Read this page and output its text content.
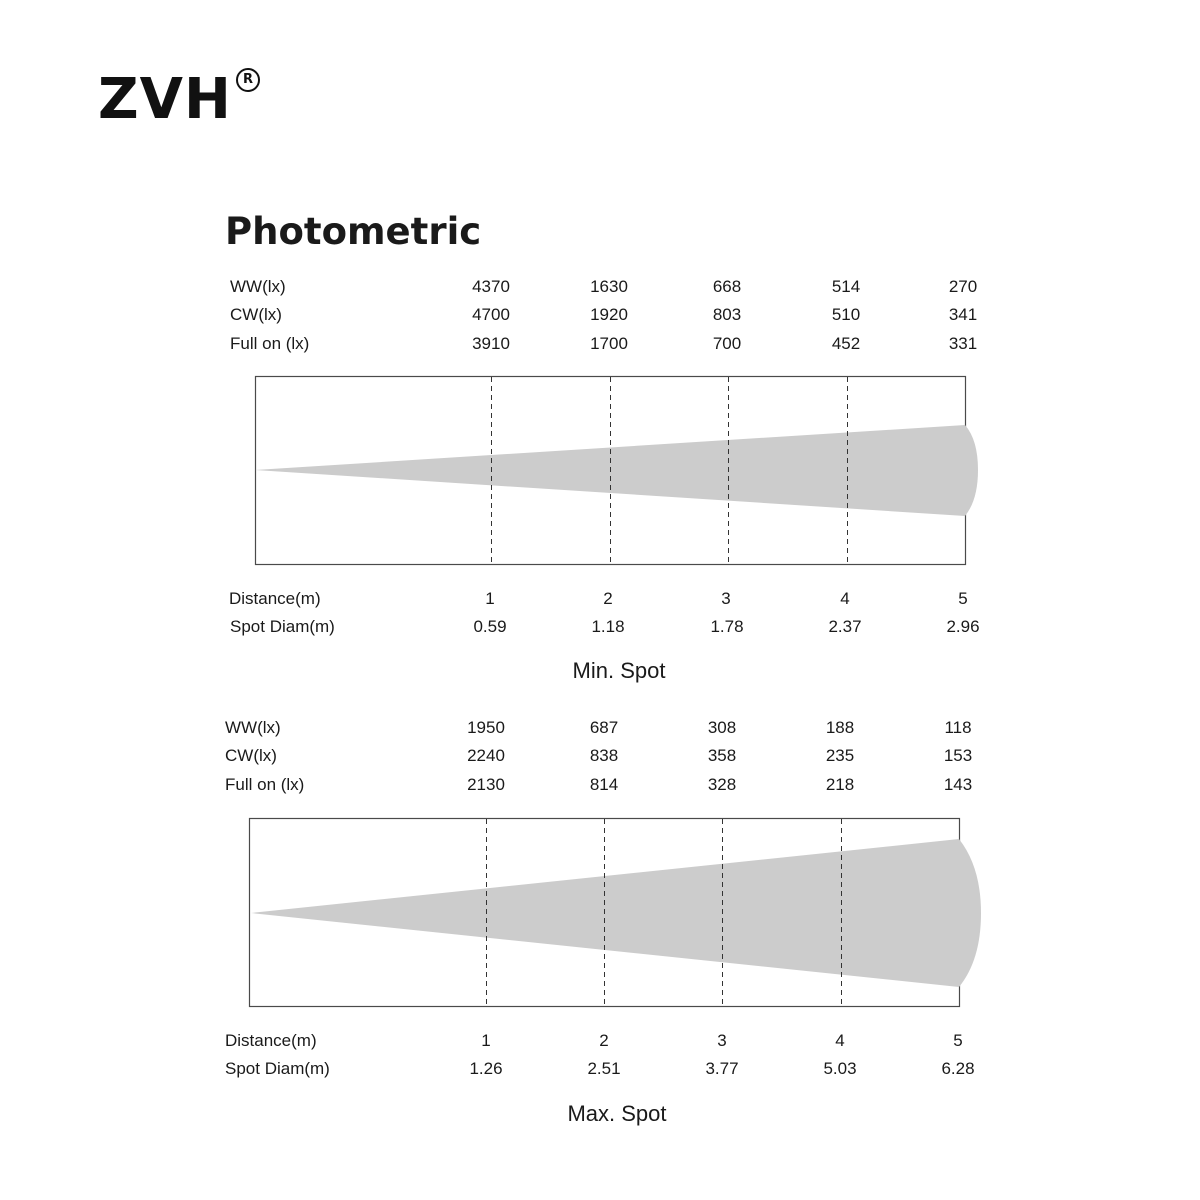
ZVH R
Photometric
WW(lx)	4370	1630	668	514	270
CW(lx)	4700	1920	803	510	341
Full on (lx)	3910	1700	700	452	331
Distance(m)	1	2	3	4	5
Spot Diam(m)	0.59	1.18	1.78	2.37	2.96
Min. Spot
WW(lx)	1950	687	308	188	118
CW(lx)	2240	838	358	235	153
Full on (lx)	2130	814	328	218	143
Distance(m)	1	2	3	4	5
Spot Diam(m)	1.26	2.51	3.77	5.03	6.28
Max. Spot
